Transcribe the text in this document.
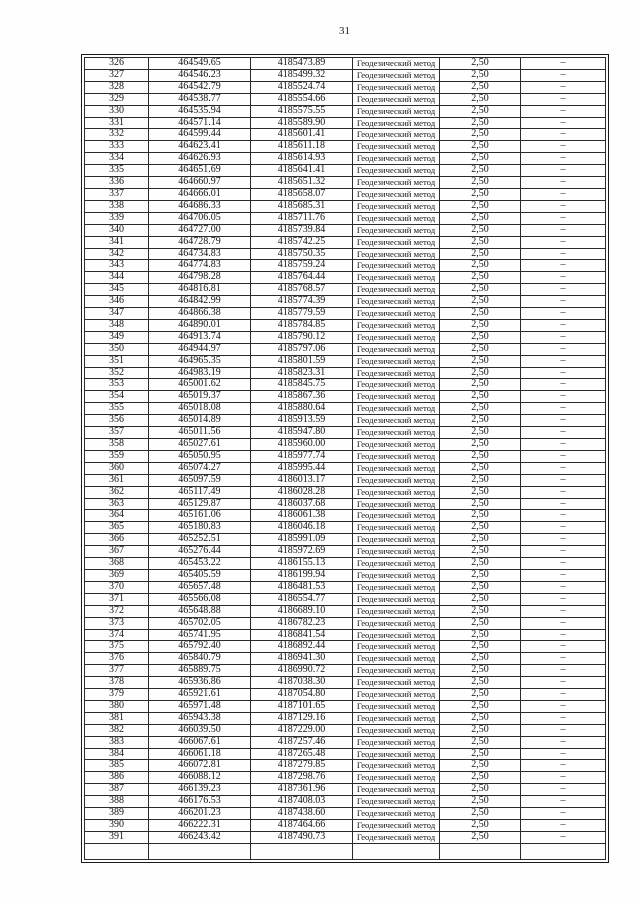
31
326	464549.65	4185473.89	Геодезический метод	2,50	–
327	464546.23	4185499.32	Геодезический метод	2,50	–
328	464542.79	4185524.74	Геодезический метод	2,50	–
329	464538.77	4185554.66	Геодезический метод	2,50	–
330	464535.94	4185575.55	Геодезический метод	2,50	–
331	464571.14	4185589.90	Геодезический метод	2,50	–
332	464599.44	4185601.41	Геодезический метод	2,50	–
333	464623.41	4185611.18	Геодезический метод	2,50	–
334	464626.93	4185614.93	Геодезический метод	2,50	–
335	464651.69	4185641.41	Геодезический метод	2,50	–
336	464660.97	4185651.32	Геодезический метод	2,50	–
337	464666.01	4185658.07	Геодезический метод	2,50	–
338	464686.33	4185685.31	Геодезический метод	2,50	–
339	464706.05	4185711.76	Геодезический метод	2,50	–
340	464727.00	4185739.84	Геодезический метод	2,50	–
341	464728.79	4185742.25	Геодезический метод	2,50	–
342	464734.83	4185750.35	Геодезический метод	2,50	–
343	464774.83	4185759.24	Геодезический метод	2,50	–
344	464798.28	4185764.44	Геодезический метод	2,50	–
345	464816.81	4185768.57	Геодезический метод	2,50	–
346	464842.99	4185774.39	Геодезический метод	2,50	–
347	464866.38	4185779.59	Геодезический метод	2,50	–
348	464890.01	4185784.85	Геодезический метод	2,50	–
349	464913.74	4185790.12	Геодезический метод	2,50	–
350	464944.97	4185797.06	Геодезический метод	2,50	–
351	464965.35	4185801.59	Геодезический метод	2,50	–
352	464983.19	4185823.31	Геодезический метод	2,50	–
353	465001.62	4185845.75	Геодезический метод	2,50	–
354	465019.37	4185867.36	Геодезический метод	2,50	–
355	465018.08	4185880.64	Геодезический метод	2,50	–
356	465014.89	4185913.59	Геодезический метод	2,50	–
357	465011.56	4185947.80	Геодезический метод	2,50	–
358	465027.61	4185960.00	Геодезический метод	2,50	–
359	465050.95	4185977.74	Геодезический метод	2,50	–
360	465074.27	4185995.44	Геодезический метод	2,50	–
361	465097.59	4186013.17	Геодезический метод	2,50	–
362	465117.49	4186028.28	Геодезический метод	2,50	–
363	465129.87	4186037.68	Геодезический метод	2,50	–
364	465161.06	4186061.38	Геодезический метод	2,50	–
365	465180.83	4186046.18	Геодезический метод	2,50	–
366	465252.51	4185991.09	Геодезический метод	2,50	–
367	465276.44	4185972.69	Геодезический метод	2,50	–
368	465453.22	4186155.13	Геодезический метод	2,50	–
369	465405.59	4186199.94	Геодезический метод	2,50	–
370	465657.48	4186481.53	Геодезический метод	2,50	–
371	465566.08	4186554.77	Геодезический метод	2,50	–
372	465648.88	4186689.10	Геодезический метод	2,50	–
373	465702.05	4186782.23	Геодезический метод	2,50	–
374	465741.95	4186841.54	Геодезический метод	2,50	–
375	465792.40	4186892.44	Геодезический метод	2,50	–
376	465840.79	4186941.30	Геодезический метод	2,50	–
377	465889.75	4186990.72	Геодезический метод	2,50	–
378	465936.86	4187038.30	Геодезический метод	2,50	–
379	465921.61	4187054.80	Геодезический метод	2,50	–
380	465971.48	4187101.65	Геодезический метод	2,50	–
381	465943.38	4187129.16	Геодезический метод	2,50	–
382	466039.50	4187229.00	Геодезический метод	2,50	–
383	466067.61	4187257.46	Геодезический метод	2,50	–
384	466061.18	4187265.48	Геодезический метод	2,50	–
385	466072.81	4187279.85	Геодезический метод	2,50	–
386	466088.12	4187298.76	Геодезический метод	2,50	–
387	466139.23	4187361.96	Геодезический метод	2,50	–
388	466176.53	4187408.03	Геодезический метод	2,50	–
389	466201.23	4187438.60	Геодезический метод	2,50	–
390	466222.31	4187464.66	Геодезический метод	2,50	–
391	466243.42	4187490.73	Геодезический метод	2,50	–
